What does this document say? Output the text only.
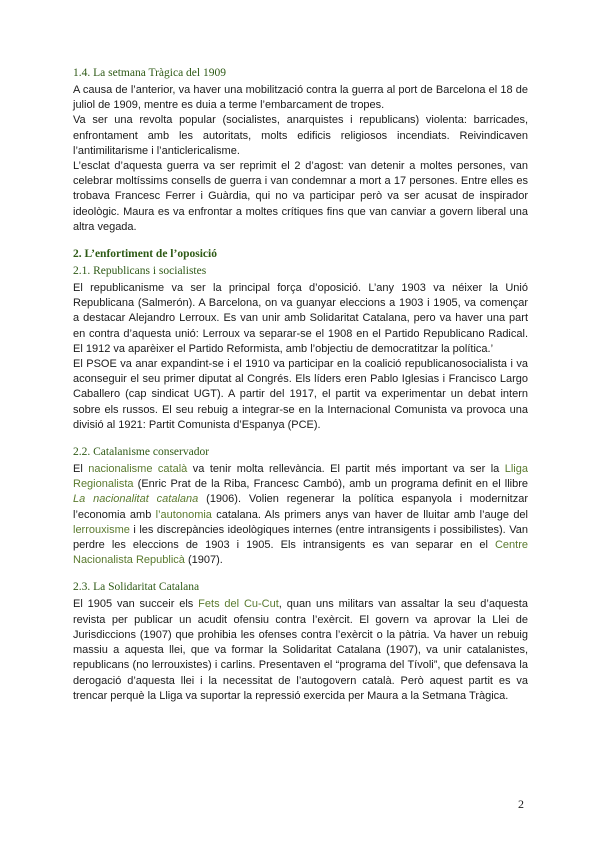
1.4. La setmana Tràgica del 1909

A causa de l’anterior, va haver una mobilització contra la guerra al port de Barcelona el 18 de juliol de 1909, mentre es duia a terme l’embarcament de tropes.

Va ser una revolta popular (socialistes, anarquistes i republicans) violenta: barricades, enfrontament amb les autoritats, molts edificis religiosos incendiats. Reivindicaven l’antimilitarisme i l’anticlericalisme.

L’esclat d’aquesta guerra va ser reprimit el 2 d’agost: van detenir a moltes persones, van celebrar moltíssims consells de guerra i van condemnar a mort a 17 persones. Entre elles es trobava Francesc Ferrer i Guàrdia, qui no va participar però va ser acusat de inspirador ideològic. Maura es va enfrontar a moltes crítiques fins que van canviar a govern liberal una altra vegada.

2. L’enfortiment de l’oposició
2.1. Republicans i socialistes

El republicanisme va ser la principal força d’oposició. L’any 1903 va néixer la Unió Republicana (Salmerón). A Barcelona, on va guanyar eleccions a 1903 i 1905, va començar a destacar Alejandro Lerroux. Es van unir amb Solidaritat Catalana, pero va haver una part en contra d’aquesta unió: Lerroux va separar-se el 1908 en el Partido Republicano Radical. El 1912 va aparèixer el Partido Reformista, amb l’objectiu de democratitzar la política.’

El PSOE va anar expandint-se i el 1910 va participar en la coalició republicanosocialista i va aconseguir el seu primer diputat al Congrés. Els líders eren Pablo Iglesias i Francisco Largo Caballero (cap sindicat UGT). A partir del 1917, el partit va experimentar un debat intern sobre els russos. El seu rebuig a integrar-se en la Internacional Comunista va provoca una divisió al 1921: Partit Comunista d’Espanya (PCE).

2.2. Catalanisme conservador

El nacionalisme català va tenir molta rellevància. El partit més important va ser la Lliga Regionalista (Enric Prat de la Riba, Francesc Cambó), amb un programa definit en el llibre La nacionalitat catalana (1906). Volien regenerar la política espanyola i modernitzar l’economia amb l’autonomia catalana. Als primers anys van haver de lluitar amb l’auge del lerrouxisme i les discrepàncies ideològiques internes (entre intransigents i possibilistes). Van perdre les eleccions de 1903 i 1905. Els intransigents es van separar en el Centre Nacionalista Republicà (1907).

2.3. La Solidaritat Catalana

El 1905 van succeir els Fets del Cu-Cut, quan uns militars van assaltar la seu d’aquesta revista per publicar un acudit ofensiu contra l’exèrcit. El govern va aprovar la Llei de Jurisdiccions (1907) que prohibia les ofenses contra l’exèrcit o la pàtria. Va haver un rebuig massiu a aquesta llei, que va formar la Solidaritat Catalana (1907), va unir catalanistes, republicans (no lerrouxistes) i carlins. Presentaven el “programa del Tívoli”, que defensava la derogació d’aquesta llei i la necessitat de l’autogovern català. Però aquest partit es va trencar perquè la Lliga va suportar la repressió exercida per Maura a la Setmana Tràgica.

2
